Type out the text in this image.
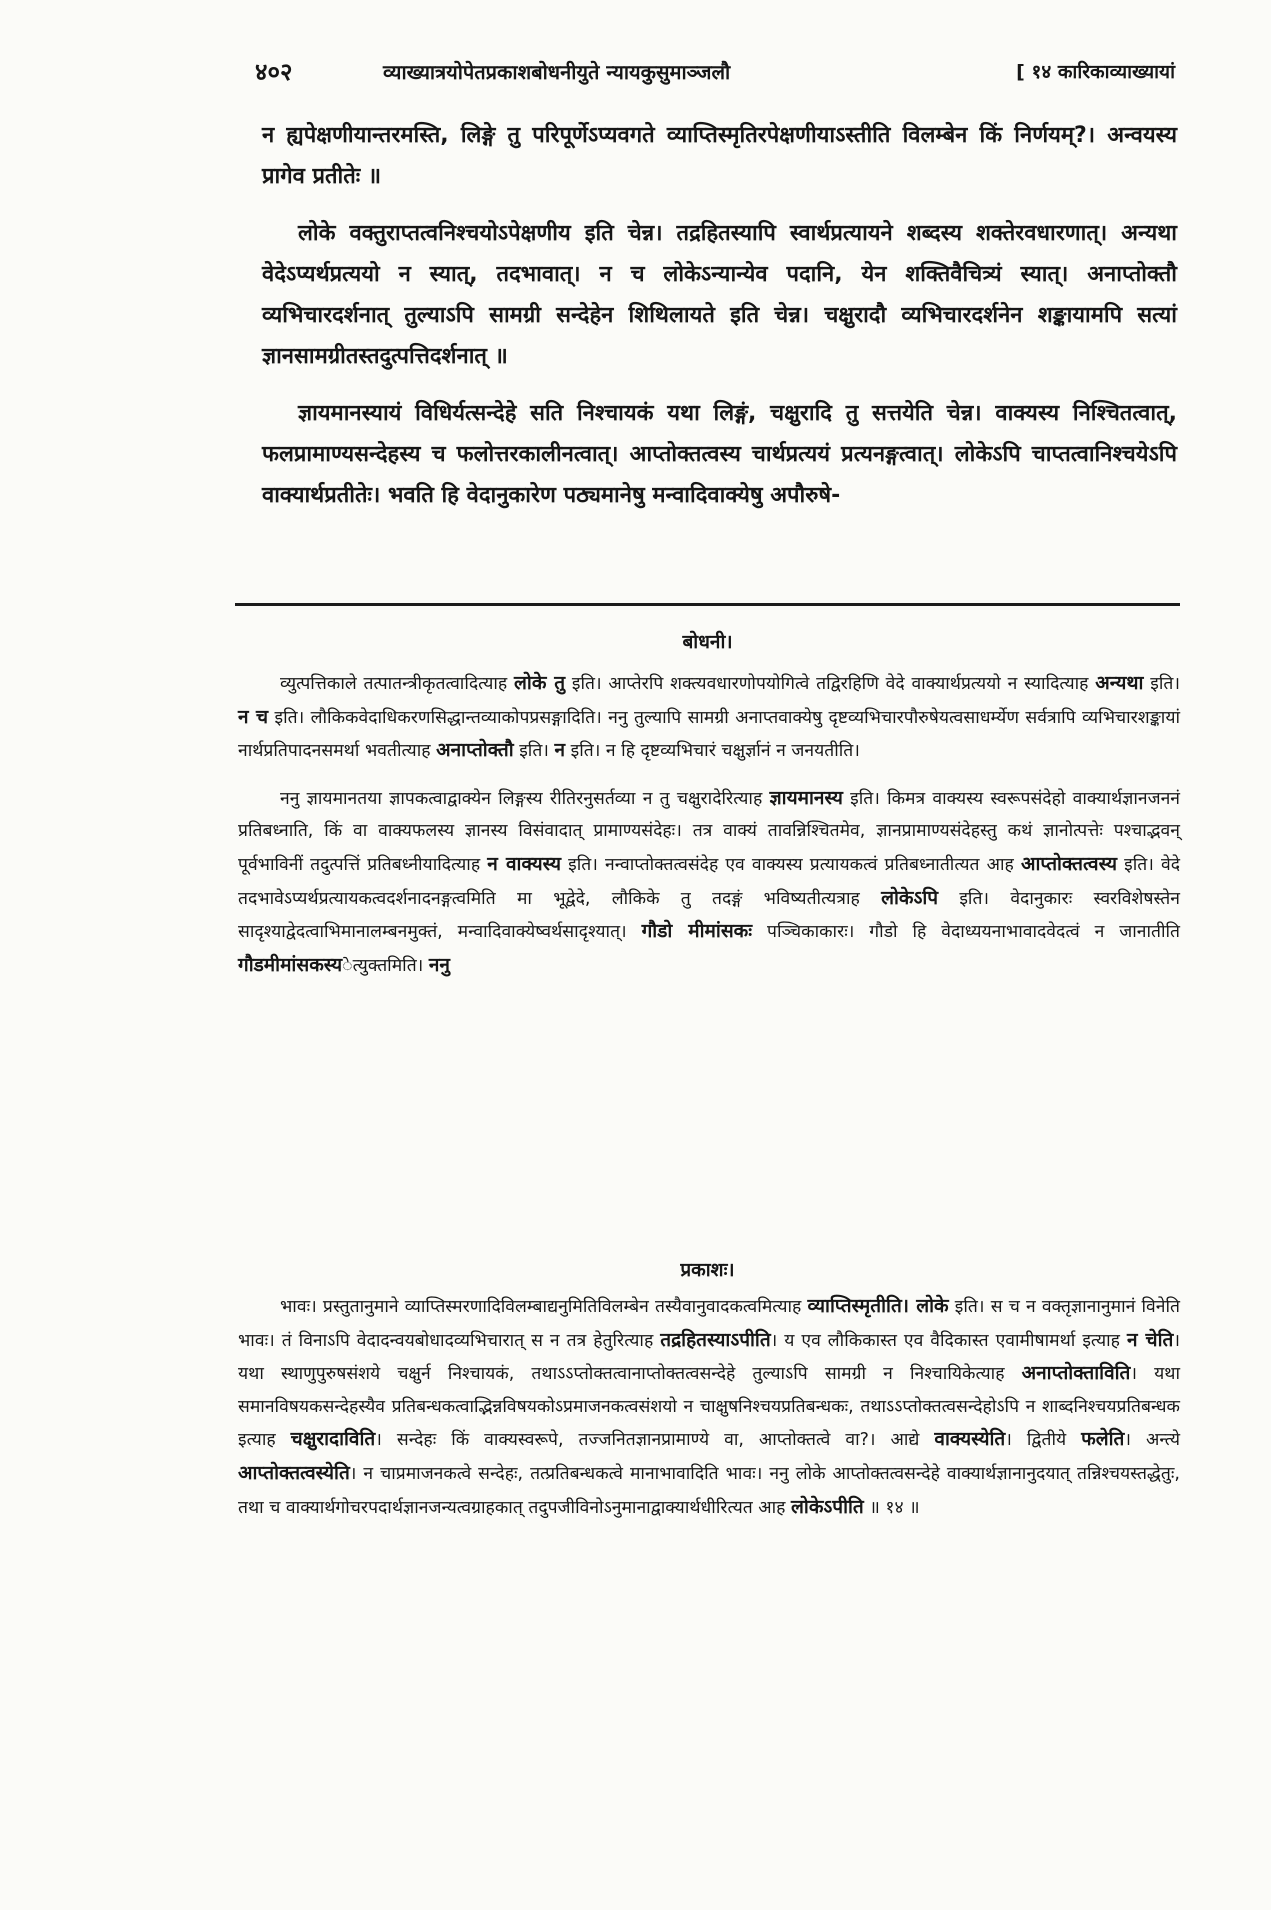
४०२	व्याख्यात्रयोपेतप्रकाशबोधनीयुते न्यायकुसुमाञ्जलौ	[ १४ कारिकाव्याख्यायां

न ह्यपेक्षणीयान्तरमस्ति, लिङ्गे तु परिपूर्णेऽप्यवगते व्याप्तिस्मृतिरपेक्षणीयाऽस्तीति विलम्बेन किं निर्णयम्?। अन्वयस्य प्रागेव प्रतीतेः ॥

लोके वक्तुराप्तत्वनिश्चयोऽपेक्षणीय इति चेन्न। तद्रहितस्यापि स्वार्थप्रत्यायने शब्दस्य शक्तेरवधारणात्। अन्यथा वेदेऽप्यर्थप्रत्ययो न स्यात्, तदभावात्। न च लोकेऽन्यान्येव पदानि, येन शक्तिवैचित्र्यं स्यात्। अनाप्तोक्तौ व्यभिचारदर्शनात् तुल्याऽपि सामग्री सन्देहेन शिथिलायते इति चेन्न। चक्षुरादौ व्यभिचारदर्शनेन शङ्कायामपि सत्यां ज्ञानसामग्रीतस्तदुत्पत्तिदर्शनात् ॥

ज्ञायमानस्यायं विधिर्यत्सन्देहे सति निश्चायकं यथा लिङ्गं, चक्षुरादि तु सत्तयेति चेन्न। वाक्यस्य निश्चितत्वात्, फलप्रामाण्यसन्देहस्य च फलोत्तरकालीनत्वात्। आप्तोक्तत्वस्य चार्थप्रत्ययं प्रत्यनङ्गत्वात्। लोकेऽपि चाप्तत्वानिश्चयेऽपि वाक्यार्थप्रतीतेः। भवति हि वेदानुकारेण पठ्यमानेषु मन्वादिवाक्येषु अपौरुषे-

बोधनी।

व्युत्पत्तिकाले तत्पातन्त्रीकृतत्वादित्याह लोके तु इति। आप्तेरपि शक्त्यवधारणोपयोगित्वे तद्विरहिणि वेदे वाक्यार्थप्रत्ययो न स्यादित्याह अन्यथा इति। न च इति। लौकिकवेदाधिकरणसिद्धान्तव्याकोपप्रसङ्गादिति। ननु तुल्यापि सामग्री अनाप्तवाक्येषु दृष्टव्यभिचारपौरुषेयत्वसाधर्म्येण सर्वत्रापि व्यभिचारशङ्कायां नार्थप्रतिपादनसमर्था भवतीत्याह अनाप्तोक्तौ इति। न इति। न हि दृष्टव्यभिचारं चक्षुर्ज्ञानं न जनयतीति।

ननु ज्ञायमानतया ज्ञापकत्वाद्वाक्येन लिङ्गस्य रीतिरनुसर्तव्या न तु चक्षुरादेरित्याह ज्ञायमानस्य इति। किमत्र वाक्यस्य स्वरूपसंदेहो वाक्यार्थज्ञानजननं प्रतिबध्नाति, किं वा वाक्यफलस्य ज्ञानस्य विसंवादात् प्रामाण्यसंदेहः। तत्र वाक्यं तावन्निश्चितमेव, ज्ञानप्रामाण्यसंदेहस्तु कथं ज्ञानोत्पत्तेः पश्चाद्भवन् पूर्वभाविनीं तदुत्पत्तिं प्रतिबध्नीयादित्याह न वाक्यस्य इति। नन्वाप्तोक्तत्वसंदेह एव वाक्यस्य प्रत्यायकत्वं प्रतिबध्नातीत्यत आह आप्तोक्तत्वस्य इति। वेदे तदभावेऽप्यर्थप्रत्यायकत्वदर्शनादनङ्गत्वमिति मा भूद्वेदे, लौकिके तु तदङ्गं भविष्यतीत्यत्राह लोकेऽपि इति। वेदानुकारः स्वरविशेषस्तेन सादृश्याद्वेदत्वाभिमानालम्बनमुक्तं, मन्वादिवाक्येष्वर्थसादृश्यात्। गौडो मीमांसकः पञ्चिकाकारः। गौडो हि वेदाध्ययनाभावादवेदत्वं न जानातीति गौडमीमांसकस्येत्युक्तमिति। ननु

प्रकाशः।

भावः। प्रस्तुतानुमाने व्याप्तिस्मरणादिविलम्बाद्यनुमितिविलम्बेन तस्यैवानुवादकत्वमित्याह व्याप्तिस्मृतीति। लोके इति। स च न वक्तृज्ञानानुमानं विनेति भावः। तं विनाऽपि वेदादन्वयबोधादव्यभिचारात् स न तत्र हेतुरित्याह तद्रहितस्याऽपीति। य एव लौकिकास्त एव वैदिकास्त एवामीषामर्था इत्याह न चेति। यथा स्थाणुपुरुषसंशये चक्षुर्न निश्चायकं, तथाऽऽप्तोक्तत्वानाप्तोक्तत्वसन्देहे तुल्याऽपि सामग्री न निश्चायिकेत्याह अनाप्तोक्ताविति। यथा समानविषयकसन्देहस्यैव प्रतिबन्धकत्वाद्भिन्नविषयकोऽप्रमाजनकत्वसंशयो न चाक्षुषनिश्चयप्रतिबन्धकः, तथाऽऽप्तोक्तत्वसन्देहोऽपि न शाब्दनिश्चयप्रतिबन्धक इत्याह चक्षुरादाविति। सन्देहः किं वाक्यस्वरूपे, तज्जनितज्ञानप्रामाण्ये वा, आप्तोक्तत्वे वा?। आद्ये वाक्यस्येति। द्वितीये फलेति। अन्त्ये आप्तोक्तत्वस्येति। न चाप्रमाजनकत्वे सन्देहः, तत्प्रतिबन्धकत्वे मानाभावादिति भावः। ननु लोके आप्तोक्तत्वसन्देहे वाक्यार्थज्ञानानुदयात् तन्निश्चयस्तद्धेतुः, तथा च वाक्यार्थगोचरपदार्थज्ञानजन्यत्वग्राहकात् तदुपजीविनोऽनुमानाद्वाक्यार्थधीरित्यत आह लोकेऽपीति ॥ १४ ॥
